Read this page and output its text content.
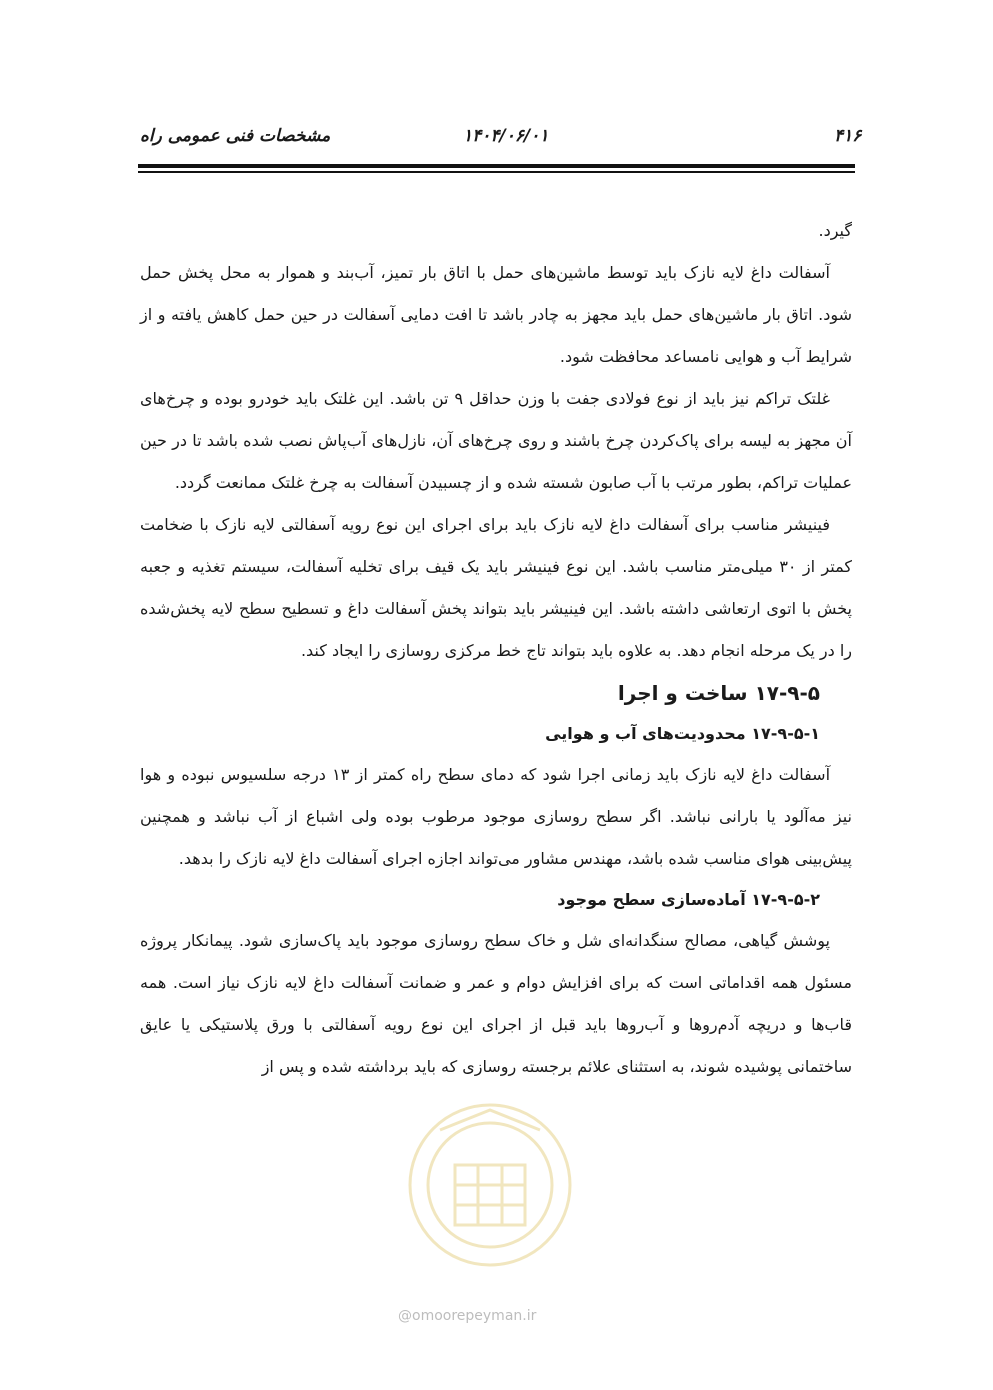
مشخصات فنی عمومی راه	۱۴۰۴/۰۶/۰۱	۴۱۶

گیرد.

آسفالت داغ لایه نازک باید توسط ماشین‌های حمل با اتاق بار تمیز، آب‌بند و هموار به محل پخش حمل شود. اتاق بار ماشین‌های حمل باید مجهز به چادر باشد تا افت دمایی آسفالت در حین حمل کاهش یافته و از شرایط آب و هوایی نامساعد محافظت شود.

غلتک تراکم نیز باید از نوع فولادی جفت با وزن حداقل ۹ تن باشد. این غلتک باید خودرو بوده و چرخ‌های آن مجهز به لیسه برای پاک‌کردن چرخ باشند و روی چرخ‌های آن، نازل‌های آب‌پاش نصب شده باشد تا در حین عملیات تراکم، بطور مرتب با آب صابون شسته شده و از چسبیدن آسفالت به چرخ غلتک ممانعت گردد.

فینیشر مناسب برای آسفالت داغ لایه نازک باید برای اجرای این نوع رویه آسفالتی لایه نازک با ضخامت کمتر از ۳۰ میلی‌متر مناسب باشد. این نوع فینیشر باید یک قیف برای تخلیه آسفالت، سیستم تغذیه و جعبه پخش با اتوی ارتعاشی داشته باشد. این فینیشر باید بتواند پخش آسفالت داغ و تسطیح سطح لایه پخش‌شده را در یک مرحله انجام دهد. به علاوه باید بتواند تاج خط مرکزی روسازی را ایجاد کند.

۱۷-۹-۵ ساخت و اجرا

۱۷-۹-۵-۱ محدودیت‌های آب و هوایی

آسفالت داغ لایه نازک باید زمانی اجرا شود که دمای سطح راه کمتر از ۱۳ درجه سلسیوس نبوده و هوا نیز مه‌آلود یا بارانی نباشد. اگر سطح روسازی موجود مرطوب بوده ولی اشباع از آب نباشد و همچنین پیش‌بینی هوای مناسب شده باشد، مهندس مشاور می‌تواند اجازه اجرای آسفالت داغ لایه نازک را بدهد.

۱۷-۹-۵-۲ آماده‌سازی سطح موجود

پوشش گیاهی، مصالح سنگدانه‌ای شل و خاک سطح روسازی موجود باید پاک‌سازی شود. پیمانکار پروژه مسئول همه اقداماتی است که برای افزایش دوام و عمر و ضمانت آسفالت داغ لایه نازک نیاز است. همه قاب‌ها و دریچه آدم‌روها و آب‌روها باید قبل از اجرای این نوع رویه آسفالتی با ورق پلاستیکی یا عایق ساختمانی پوشیده شوند، به استثنای علائم برجسته روسازی که باید برداشته شده و پس از

@omoorepeyman.ir
